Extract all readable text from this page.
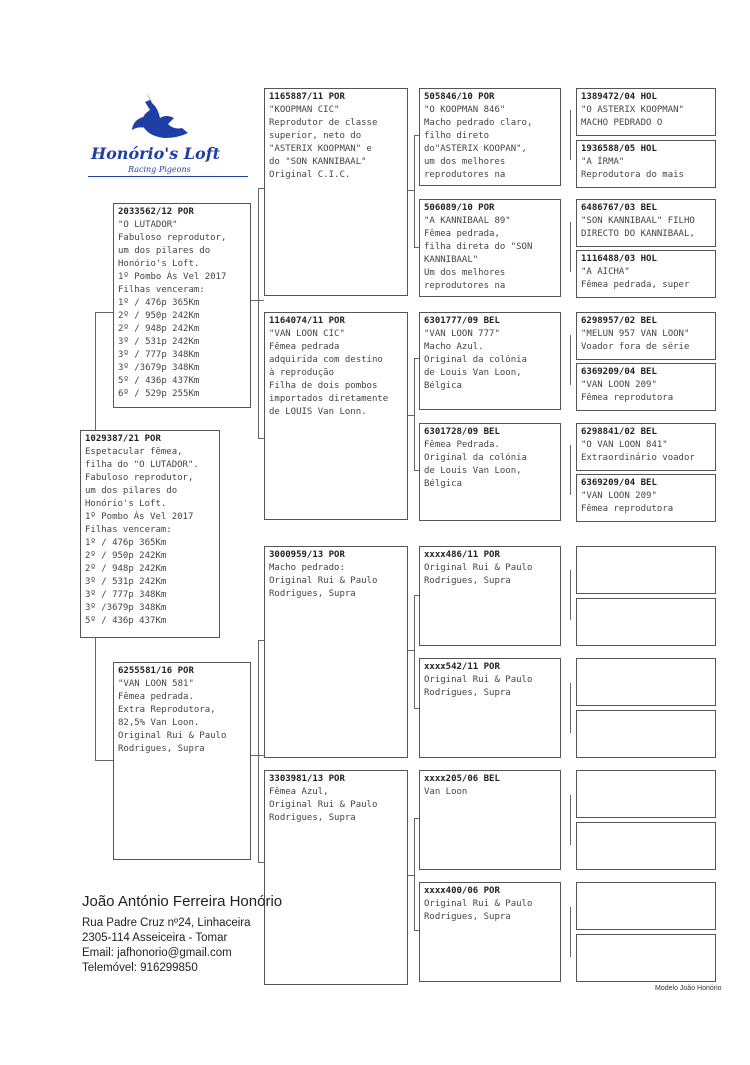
Honório's Loft
Racing Pigeons
2033562/12 POR
"O LUTADOR"
Fabuloso reprodutor,
um dos pilares do
Honório's Loft.
1º Pombo Ás Vel 2017
Filhas venceram:
1º / 476p 365Km
2º / 950p 242Km
2º / 948p 242Km
3º / 531p 242Km
3º / 777p 348Km
3º /3679p 348Km
5º / 436p 437Km
6º / 529p 255Km
1029387/21 POR
Espetacular fêmea,
filha do "O LUTADOR".
Fabuloso reprodutor,
um dos pilares do
Honório's Loft.
1º Pombo Ás Vel 2017
Filhas venceram:
1º / 476p 365Km
2º / 950p 242Km
2º / 948p 242Km
3º / 531p 242Km
3º / 777p 348Km
3º /3679p 348Km
5º / 436p 437Km
6255581/16 POR
"VAN LOON 581"
Fêmea pedrada.
Extra Reprodutora,
82,5% Van Loon.
Original Rui & Paulo
Rodrigues, Supra
1165887/11 POR
"KOOPMAN CIC"
Reprodutor de classe
superior, neto do
"ASTERIX KOOPMAN" e
do "SON KANNIBAAL"
Original C.I.C.
1164074/11 POR
"VAN LOON CIC"
Fêmea pedrada
adquirida com destino
à reprodução
Filha de dois pombos
importados diretamente
de LOUIS Van Lonn.
3000959/13 POR
Macho pedrado:
Original Rui & Paulo
Rodrigues, Supra
3303981/13 POR
Fêmea Azul,
Original Rui & Paulo
Rodrigues, Supra
505846/10 POR
"O KOOPMAN 846"
Macho pedrado claro,
filho direto
do"ASTERIX KOOPAN",
um dos melhores
reprodutores na
506089/10 POR
"A KANNIBAAL 89"
Fêmea pedrada,
filha direta do "SON
KANNIBAAL"
Um dos melhores
reprodutores na
6301777/09 BEL
"VAN LOON 777"
Macho Azul.
Original da colónia
de Louis Van Loon,
Bélgica
6301728/09 BEL
Fêmea Pedrada.
Original da colónia
de Louis Van Loon,
Bélgica
xxxx486/11 POR
Original Rui & Paulo
Rodrigues, Supra
xxxx542/11 POR
Original Rui & Paulo
Rodrigues, Supra
xxxx205/06 BEL
Van Loon
xxxx400/06 POR
Original Rui & Paulo
Rodrigues, Supra
1389472/04 HOL
"O ASTERIX KOOPMAN"
MACHO PEDRADO O
1936588/05 HOL
"A ÍRMA"
Reprodutora do mais
6486767/03 BEL
"SON KANNIBAAL" FILHO
DIRECTO DO KANNIBAAL,
1116488/03 HOL
"A AICHA"
Fêmea pedrada, super
6298957/02 BEL
"MELUN 957 VAN LOON"
Voador fora de série
6369209/04 BEL
"VAN LOON 209"
Fêmea reprodutora
6298841/02 BEL
"O VAN LOON 841"
Extraordinário voador
6369209/04 BEL
"VAN LOON 209"
Fêmea reprodutora
João António Ferreira Honório
Rua Padre Cruz nº24, Linhaceira
2305-114 Asseiceira - Tomar
Email: jafhonorio@gmail.com
Telemóvel: 916299850
Modelo João Honório
